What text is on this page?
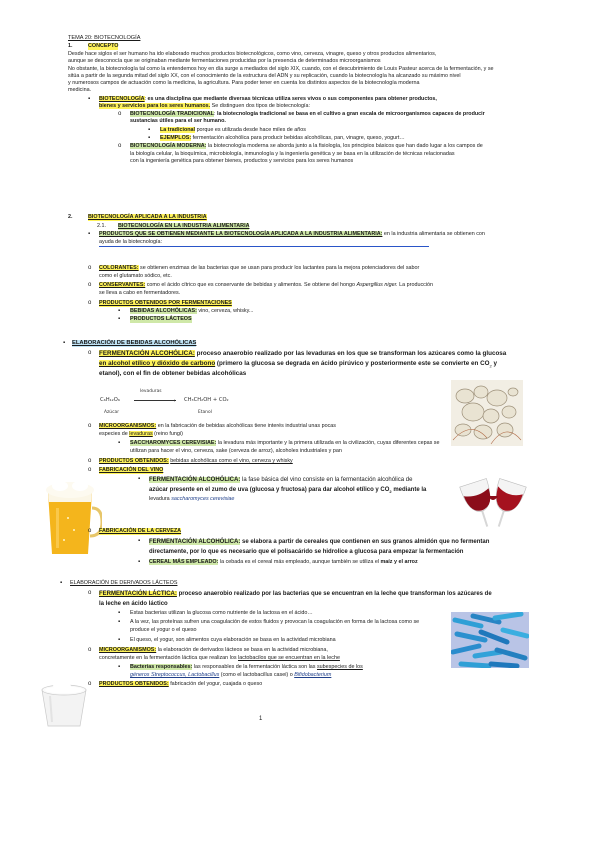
TEMA 20: BIOTECNOLOGÍA
1.	CONCEPTO
Desde hace siglos el ser humano ha ido elaborado muchos productos biotecnológicos, como vino, cerveza, vinagre, queso y otros productos alimentarios,
aunque se desconocía que se originaban mediante fermentaciones producidas por la presencia de determinados microorganismos
No obstante, la biotecnología tal como la entendemos hoy en día surge a mediados del siglo XIX, cuando, con el descubrimiento de Louis Pasteur acerca de la fermentación, y se
sitúa a partir de la segunda mitad del siglo XX, con el conocimiento de la estructura del ADN y su replicación, cuando la biotecnología ha alcanzado su máximo nivel
y numerosos campos de actuación como la medicina, la agricultura. Para poder tener en cuenta los distintos aspectos de la biotecnología moderna
medicina.
▪ BIOTECNOLOGÍA: es una disciplina que mediante diversas técnicas utiliza seres vivos o sus componentes para obtener productos,
bienes y servicios para los seres humanos. Se distinguen dos tipos de biotecnología:
o BIOTECNOLOGÍA TRADICIONAL: la biotecnología tradicional se basa en el cultivo a gran escala de microorganismos capaces de producir
sustancias útiles para el ser humano.
▪ La tradicional porque es utilizada desde hace miles de años
▪ EJEMPLOS: fermentación alcohólica para producir bebidas alcohólicas, pan, vinagre, queso, yogurt…
o BIOTECNOLOGÍA MODERNA: la biotecnología moderna se aborda junto a la fisiología, los principios básicos que han dado lugar a los campos de
la biología celular, la bioquímica, microbiología, inmunología y la ingeniería genética y se basa en la utilización de técnicas relacionadas
con la ingeniería genética para obtener bienes, productos y servicios para los seres humanos
2.	BIOTECNOLOGÍA APLICADA A LA INDUSTRIA
2.1. BIOTECNOLOGÍA EN LA INDUSTRIA ALIMENTARIA
▪ PRODUCTOS QUE SE OBTIENEN MEDIANTE LA BIOTECNOLOGÍA APLICADA A LA INDUSTRIA ALIMENTARIA: en la industria alimentaria se obtienen con
ayuda de la biotecnología:
o COLORANTES: se obtienen enzimas de las bacterias que se usan para producir los lactantes para la mejora potenciadores del sabor
como el glutamato sódico, etc.
o CONSERVANTES: como el ácido cítrico que es conservante de bebidas y alimentos. Se obtiene del hongo Aspergillus niger. La producción
se lleva a cabo en fermentadores.
o PRODUCTOS OBTENIDOS POR FERMENTACIONES
▪ BEBIDAS ALCOHÓLICAS: vino, cerveza, whisky...
▪ PRODUCTOS LÁCTEOS
▪ ELABORACIÓN DE BEBIDAS ALCOHÓLICAS
o FERMENTACIÓN ALCOHÓLICA: proceso anaerobio realizado por las levaduras en los que se transforman los azúcares como la glucosa
en alcohol etílico y dióxido de carbono (primero la glucosa se degrada en ácido pirúvico y posteriormente este se convierte en $CO_2$ y
etanol), con el fin de obtener bebidas alcohólicas
C₆H₁₂O₆
levaduras
› CH₃CH₂OH + CO₂
Azúcar	Etanol
o MICROORGANISMOS: en la fabricación de bebidas alcohólicas tiene interés industrial unas pocas
especies de levaduras (reino fungi)
▪ SACCHAROMYCES CEREVISIAE: la levadura más importante y la primera utilizada en la civilización, cuyas diferentes cepas se
utilizan para hacer el vino, cerveza, sake (cerveza de arroz), alcoholes industriales y pan
o PRODUCTOS OBTENIDOS: bebidas alcohólicas como el vino, cerveza y whisky
o FABRICACIÓN DEL VINO
▪ FERMENTACIÓN ALCOHÓLICA: la fase básica del vino consiste en la fermentación alcohólica de
azúcar presente en el zumo de uva (glucosa y fructosa) para dar alcohol etílico y $CO_2$ mediante la
levadura saccharomyces cerevisiae
o FABRICACIÓN DE LA CERVEZA
▪ FERMENTACIÓN ALCOHÓLICA: se elabora a partir de cereales que contienen en sus granos almidón que no fermentan
directamente, por lo que es necesario que el polisacárido se hidrolice a glucosa para empezar la fermentación
▪ CEREAL MÁS EMPLEADO: la cebada es el cereal más empleado, aunque también se utiliza el maíz y el arroz
▪ ELABORACIÓN DE DERIVADOS LÁCTEOS
o FERMENTACIÓN LÁCTICA: proceso anaerobio realizado por las bacterias que se encuentran en la leche que transforman los azúcares de
la leche en ácido láctico
▪ Estas bacterias utilizan la glucosa como nutriente de la lactosa en el ácido…
▪ A la vez, las proteínas sufren una coagulación de estos fluidos y provocan la coagulación en forma de la lactosa como se
produce el yogur o el queso
▪ El queso, el yogur, son alimentos cuya elaboración se basa en la actividad microbiana
o MICROORGANISMOS: la elaboración de derivados lácteos se basa en la actividad microbiana,
concretamente en la fermentación láctica que realizan los lactobacilos que se encuentran en la leche
▪ Bacterias responsables: las responsables de la fermentación láctica son las subespecies de los
géneros Streptococcus, Lactobacillus (como el lactobacillus casei) o Bifidobacterium
o PRODUCTOS OBTENIDOS: fabricación del yogur, cuajada o queso
1
